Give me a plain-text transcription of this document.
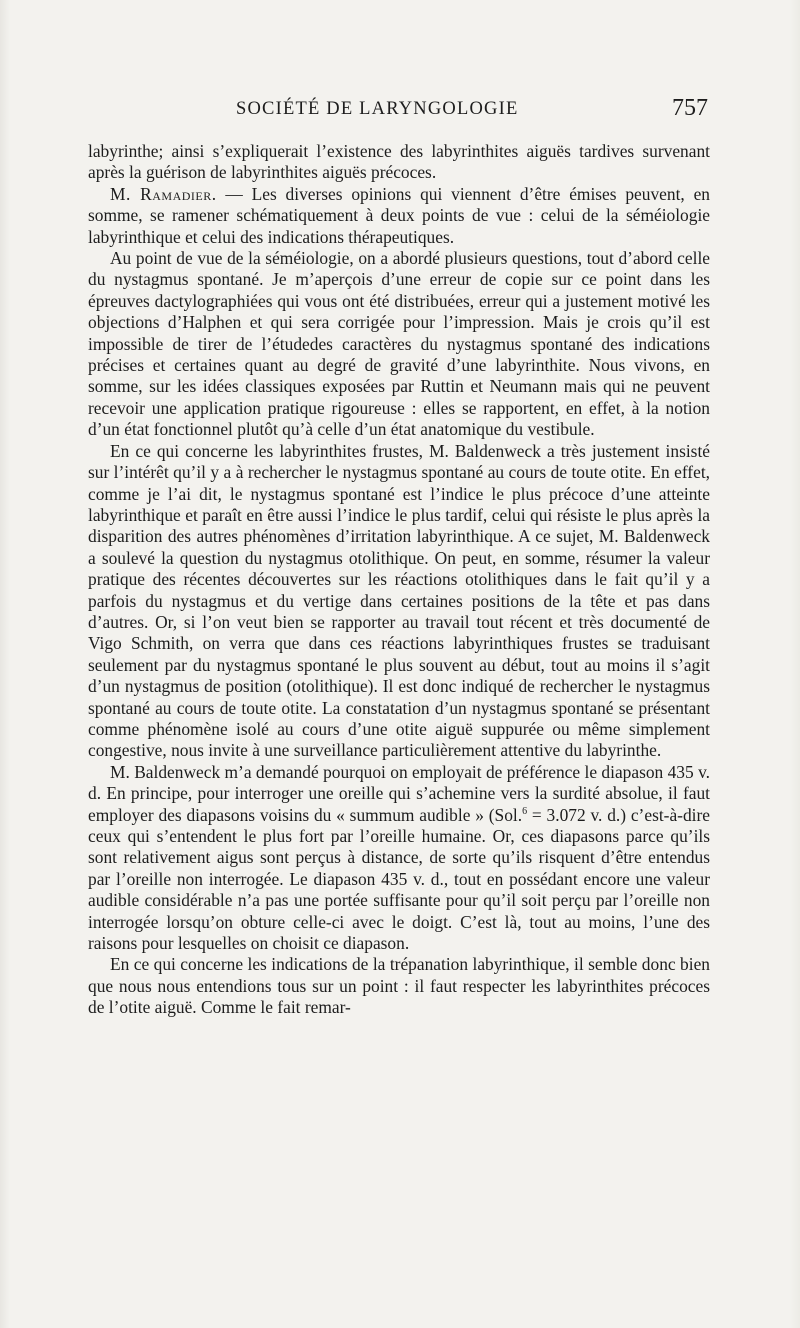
SOCIÉTÉ DE LARYNGOLOGIE	757

labyrinthe; ainsi s’expliquerait l’existence des labyrinthites aiguës tardives survenant après la guérison de labyrinthites aiguës précoces.

M. Ramadier. — Les diverses opinions qui viennent d’être émises peuvent, en somme, se ramener schématiquement à deux points de vue : celui de la séméiologie labyrinthique et celui des indications thérapeutiques.

Au point de vue de la séméiologie, on a abordé plusieurs questions, tout d’abord celle du nystagmus spontané. Je m’aperçois d’une erreur de copie sur ce point dans les épreuves dactylographiées qui vous ont été distribuées, erreur qui a justement motivé les objections d’Halphen et qui sera corrigée pour l’impression. Mais je crois qu’il est impossible de tirer de l’étudedes caractères du nystagmus spontané des indications précises et certaines quant au degré de gravité d’une labyrinthite. Nous vivons, en somme, sur les idées classiques exposées par Ruttin et Neumann mais qui ne peuvent recevoir une application pratique rigoureuse : elles se rapportent, en effet, à la notion d’un état fonctionnel plutôt qu’à celle d’un état anatomique du vestibule.

En ce qui concerne les labyrinthites frustes, M. Baldenweck a très justement insisté sur l’intérêt qu’il y a à rechercher le nystagmus spontané au cours de toute otite. En effet, comme je l’ai dit, le nystagmus spontané est l’indice le plus précoce d’une atteinte labyrinthique et paraît en être aussi l’indice le plus tardif, celui qui résiste le plus après la disparition des autres phénomènes d’irritation labyrinthique. A ce sujet, M. Baldenweck a soulevé la question du nystagmus otolithique. On peut, en somme, résumer la valeur pratique des récentes découvertes sur les réactions otolithiques dans le fait qu’il y a parfois du nystagmus et du vertige dans certaines positions de la tête et pas dans d’autres. Or, si l’on veut bien se rapporter au travail tout récent et très documenté de Vigo Schmith, on verra que dans ces réactions labyrinthiques frustes se traduisant seulement par du nystagmus spontané le plus souvent au début, tout au moins il s’agit d’un nystagmus de position (otolithique). Il est donc indiqué de rechercher le nystagmus spontané au cours de toute otite. La constatation d’un nystagmus spontané se présentant comme phénomène isolé au cours d’une otite aiguë suppurée ou même simplement congestive, nous invite à une surveillance particulièrement attentive du labyrinthe.

M. Baldenweck m’a demandé pourquoi on employait de préférence le diapason 435 v. d. En principe, pour interroger une oreille qui s’achemine vers la surdité absolue, il faut employer des diapasons voisins du « summum audible » (Sol.$^6$ = 3.072 v. d.) c’est-à-dire ceux qui s’entendent le plus fort par l’oreille humaine. Or, ces diapasons parce qu’ils sont relativement aigus sont perçus à distance, de sorte qu’ils risquent d’être entendus par l’oreille non interrogée. Le diapason 435 v. d., tout en possédant encore une valeur audible considérable n’a pas une portée suffisante pour qu’il soit perçu par l’oreille non interrogée lorsqu’on obture celle-ci avec le doigt. C’est là, tout au moins, l’une des raisons pour lesquelles on choisit ce diapason.

En ce qui concerne les indications de la trépanation labyrinthique, il semble donc bien que nous nous entendions tous sur un point : il faut respecter les labyrinthites précoces de l’otite aiguë. Comme le fait remar-
